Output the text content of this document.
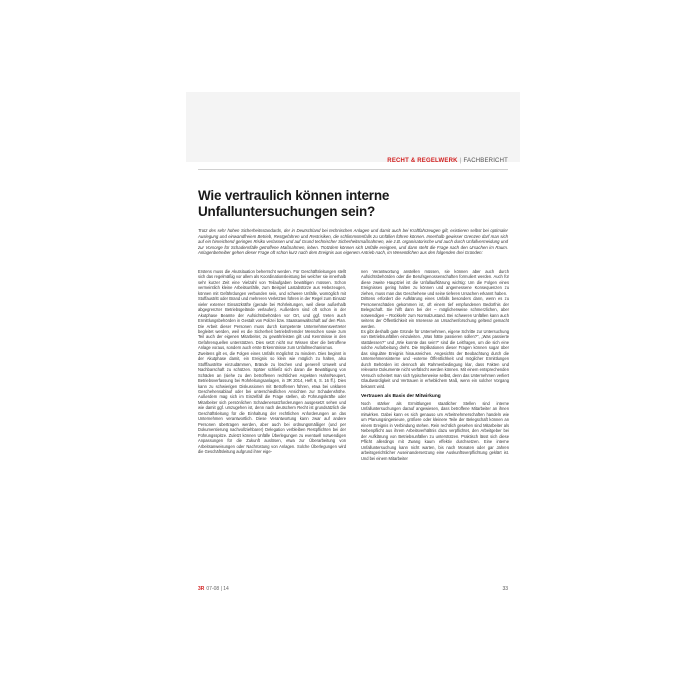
RECHT & REGELWERK | FACHBERICHT
Wie vertraulich können interne Unfalluntersuchungen sein?

Trotz des sehr hohen Sicherheitsstandards, der in Deutschland bei technischen Anlagen und damit auch bei Kraftfahrzeugen gilt, existieren selbst bei optimaler Auslegung und einwandfreiem Betrieb, Restgefahren und Restrisiken, die schlimmstenfalls zu Unfällen führen können. Innerhalb gewisser Grenzen darf man sich auf ein hinreichend geringes Risiko verlassen und auf Grund technischer Sicherheitsmaßnahmen, wie z.B. organisatorische und auch durch Unfallvermeidung und zur Vorsorge für Schadensfälle getroffene Maßnahmen, leben. Trotzdem können sich Unfälle ereignen, und dann steht die Frage nach den Ursachen im Raum. Anlagenbetreiber gehen dieser Frage oft schon kurz nach dem Ereignis aus eigenem Antrieb nach, im Wesentlichen aus den folgenden drei Gründen:

Erstens muss die Akutsituation beherrscht werden. Für Geschäftsleitungen stellt sich das regelmäßig vor allem als Koordinationsleistung bei welcher sie innerhalb sehr kurzer Zeit eine Vielzahl von Teilaufgaben bewältigen müssen. Schon vermeintlich kleine Arbeitsunfälle, zum Beispiel Lastabstürze aus Hebezeugen, können mit Gefährdungen verbunden sein, und schwere Unfälle, womöglich mit Stoffaustritt oder Brand und mehreren Verletzten führen in der Regel zum Einsatz vieler externer Einsatzkräfte (gerade bei Rohrleitungen, weil diese außerhalb abgegrenzter Betriebsgelände verlaufen). Außerdem sind oft schon in der Akutphase Beamte der Aufsichtsbehörden vor Ort, und ggf. treten auch Ermittlungsbehörden in Gestalt von Polizei bzw. Staatsanwaltschaft auf den Plan. Die Arbeit dieser Personen muss durch kompetente Unternehmensvertreter begleitet werden, weil es die Sicherheit betriebsfremder Menschen sowie zum Teil auch der eigenen Mitarbeiter, zu gewährleisten gilt und Kenntnisse in den Gefahrenquellen unterstützen. Dies setzt nicht nur Wissen über die betroffene Anlage voraus, sondern auch erste Erkenntnisse zum Unfallmechanismus.

Zweitens gilt es, die Folgen eines Unfalls möglichst zu mindern. Dies beginnt in der Akutphase damit, ein Ereignis so klein wie möglich zu halten, also Stofffaustritte einzudämmen, Brände zu löschen und generell Umwelt und Nachbarschaft zu schützen. Später schließt sich daran die Bewältigung von Schäden an (siehe zu den betroffenen rechtlichen Aspekten Hahn/Neupert, Betriebsverfassung bei Rohrleitungsanlagen, in 3R 2014, Heft 6, S. 16 ff.). Dies kann zu schwierigen Diskussionen mit Betroffenen führen, etwa bei unklaren Geschehensablauf oder bei unterschiedlichen Ansichten zur Schadenshöhe. Außerdem mag sich im Einzelfall die Frage stellen, ob Führungskräfte oder Mitarbeiter sich persönlichen Schadenersatzforderungen ausgesetzt sehen und wie damit ggf. umzugehen ist, denn nach deutschem Recht ist grundsätzlich die Geschäftsleitung für die Einhaltung der rechtlichen Anforderungen an das Unternehmen verantwortlich. Diese Verantwortung kann zwar auf andere Personen übertragen werden, aber auch bei ordnungsmäßiger (und per Dokumentierung nachvollziehbarer) Delegation verbleiben Restpflichten bei der Führungsspitze. Zuletzt können Unfälle Überlegungen zu eventuell notwendigen Anpassungen für die Zukunft auslösen, etwa zur Überarbeitung von Arbeitsanweisungen oder Nachrüstung von Anlagen. Solche Überlegungen wird die Geschäftsleitung aufgrund ihrer eige-

nen Verantwortung anstellen müssen, sie können aber auch durch Aufsichtsbehörden oder die Berufsgenossenschaften formuliert werden. Auch für diese zweite Hauptziel ist die Unfallaufklärung wichtig: Um die Folgen eines Ereignisses gering halten zu können und angemessene Konsequenzen zu ziehen, muss man das Geschehene und seine tieferen Ursachen erkannt haben.

Drittens erfordert die Aufklärung eines Unfalls besonders dann, wenn es zu Personenschäden gekommen ist, oft einem tief empfundenen Bedürfnis der Belegschaft. Sie hilft dann bei der – möglicherweise schmerzlichen, aber notwendigen – Rückkehr zum Normalzustand. Bei schweren Unfällen kann auch seitens der Öffentlichkeit ein Interesse an Ursachenforschung geltend gemacht werden.

Es gibt deshalb gute Gründe für Unternehmen, eigene Schritte zur Untersuchung von Betriebsunfällen einzuleiten. „Was hätte passieren sollen?“, „Was passierte stattdessen?“ und „Wie konnte das sein?“ sind die Leitfragen, um die sich eine solche Aufarbeitung dreht. Die Implikationen dieser Fragen können sogar über das singuläre Ereignis hinausreichen. Angesichts der Beobachtung durch die Unternehmensinterne und -externe Öffentlichkeit und möglicher Ermittlungen durch Behörden ist dennoch als Rahmenbedingung klar, dass Fakten und relevante Dokumente nicht verfälscht werden können. Mit einem entsprechenden Versuch scheitert man sich typischerweise selbst, denn das Unternehmen verliert Glaubwürdigkeit und Vertrauen in erheblichem Maß, wenn ein solcher Vorgang bekannt wird.

Vertrauen als Basis der Mitwirkung

Noch stärker als Ermittlungen staatlicher Stellen sind interne Unfalluntersuchungen darauf angewiesen, dass betroffene Mitarbeiter an ihnen mitwirken. Dabei kann es sich genauso um Arbeitnehmerschaften handeln wie um Planungsingenieure, größere oder kleinere Teile der Belegschaft können an einem Ereignis in Verbindung stehen. Rein rechtlich gesehen sind Mitarbeiter als Nebenpflicht aus ihrem Arbeitsverhältnis dazu verpflichtet, den Arbeitgeber bei der Aufklärung von Betriebsunfällen zu unterstützen. Praktisch lässt sich diese Pflicht allerdings mit Zwang kaum effektiv durchsetzen. Eine interne Unfalluntersuchung kann nicht warten, bis nach Monaten oder gar Jahren arbeitsgerichtlicher Auseinandersetzung eine Auskunftsverpflichtung geklärt ist. Und bei einem Mitarbeiter

3R 07-08 | 14	33
